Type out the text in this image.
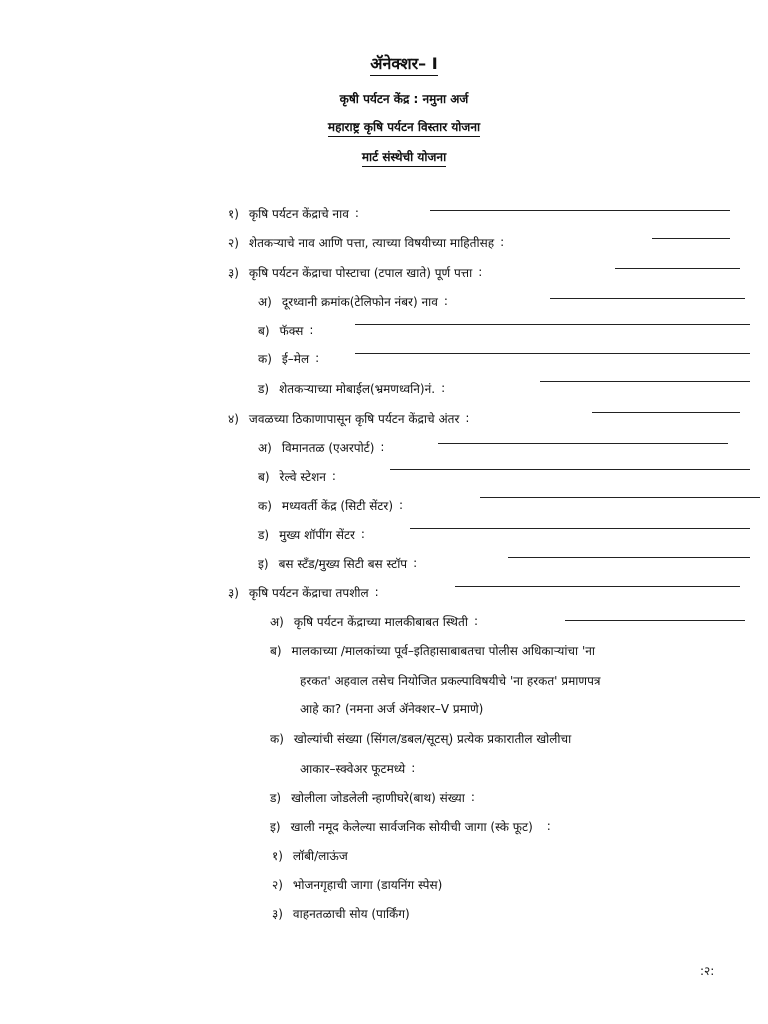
ॲनेक्शर– I
कृषी पर्यटन केंद्र : नमुना अर्ज
महाराष्ट्र कृषि पर्यटन विस्तार योजना
मार्ट संस्थेची योजना
१) कृषि पर्यटन केंद्राचे नाव :
२) शेतकऱ्याचे नाव आणि पत्ता, त्याच्या विषयीच्या माहितीसह :
३) कृषि पर्यटन केंद्राचा पोस्टाचा (टपाल खाते) पूर्ण पत्ता :
अ) दूरध्वानी क्रमांक(टेलिफोन नंबर) नाव :
ब) फॅक्स :
क) ई–मेल :
ड) शेतकऱ्याच्या मोबाईल(भ्रमणध्वनि)नं. :
४) जवळच्या ठिकाणापासून कृषि पर्यटन केंद्राचे अंतर :
अ) विमानतळ (एअरपोर्ट) :
ब) रेल्वे स्टेशन :
क) मध्यवर्ती केंद्र (सिटी सेंटर) :
ड) मुख्य शॉपींग सेंटर :
इ) बस स्टँड/मुख्य सिटी बस स्टॉप :
३) कृषि पर्यटन केंद्राचा तपशील :
अ) कृषि पर्यटन केंद्राच्या मालकीबाबत स्थिती :
ब) मालकाच्या /मालकांच्या पूर्व–इतिहासाबाबतचा पोलीस अधिकाऱ्यांचा 'ना
हरकत' अहवाल तसेच नियोजित प्रकल्पाविषयीचे 'ना हरकत' प्रमाणपत्र
आहे का? (नमना अर्ज ॲनेक्शर–V प्रमाणे)
क) खोल्यांची संख्या (सिंगल/डबल/सूटस्) प्रत्येक प्रकारातील खोलीचा
आकार–स्क्वेअर फूटमध्ये :
ड) खोलीला जोडलेली न्हाणीघरे(बाथ) संख्या :
इ) खाली नमूद केलेल्या सार्वजनिक सोयीची जागा (स्के फूट) :
१) लॉबी/लाऊंज
२) भोजनगृहाची जागा (डायनिंग स्पेस)
३) वाहनतळाची सोय (पार्किंग)
:२:
